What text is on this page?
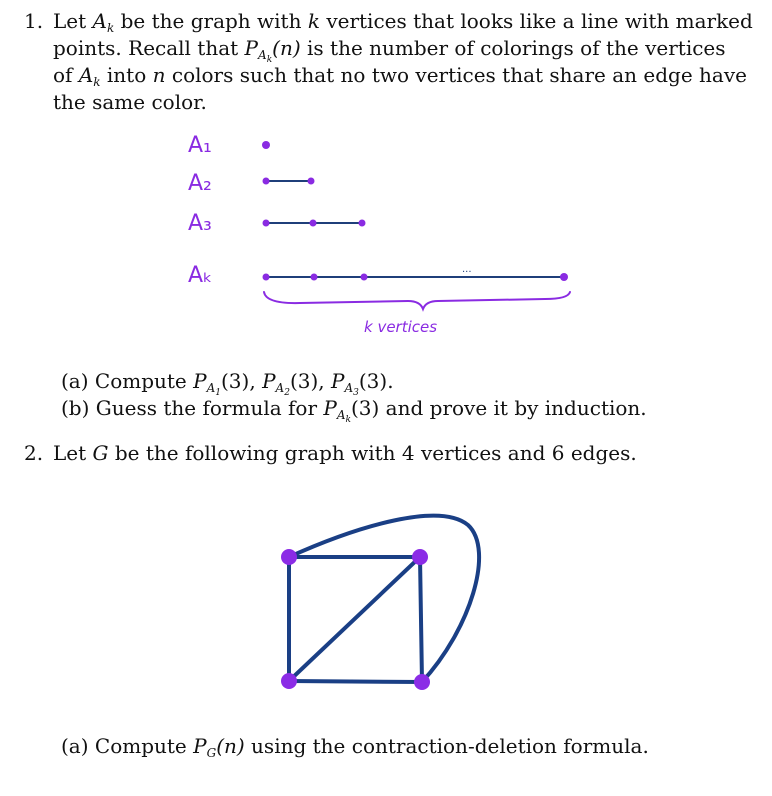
1. Let $A_k$ be the graph with k vertices that looks like a line with marked
points. Recall that $P_{A_k}(n)$ is the number of colorings of the vertices
of $A_k$ into n colors such that no two vertices that share an edge have
the same color.
A₁
A₂
A₃
Aₖ	...
k vertices
(a) Compute $P_{A_1}(3)$, $P_{A_2}(3)$, $P_{A_3}(3)$.
(b) Guess the formula for $P_{A_k}(3)$ and prove it by induction.
2. Let G be the following graph with 4 vertices and 6 edges.
(a) Compute $P_G(n)$ using the contraction-deletion formula.
